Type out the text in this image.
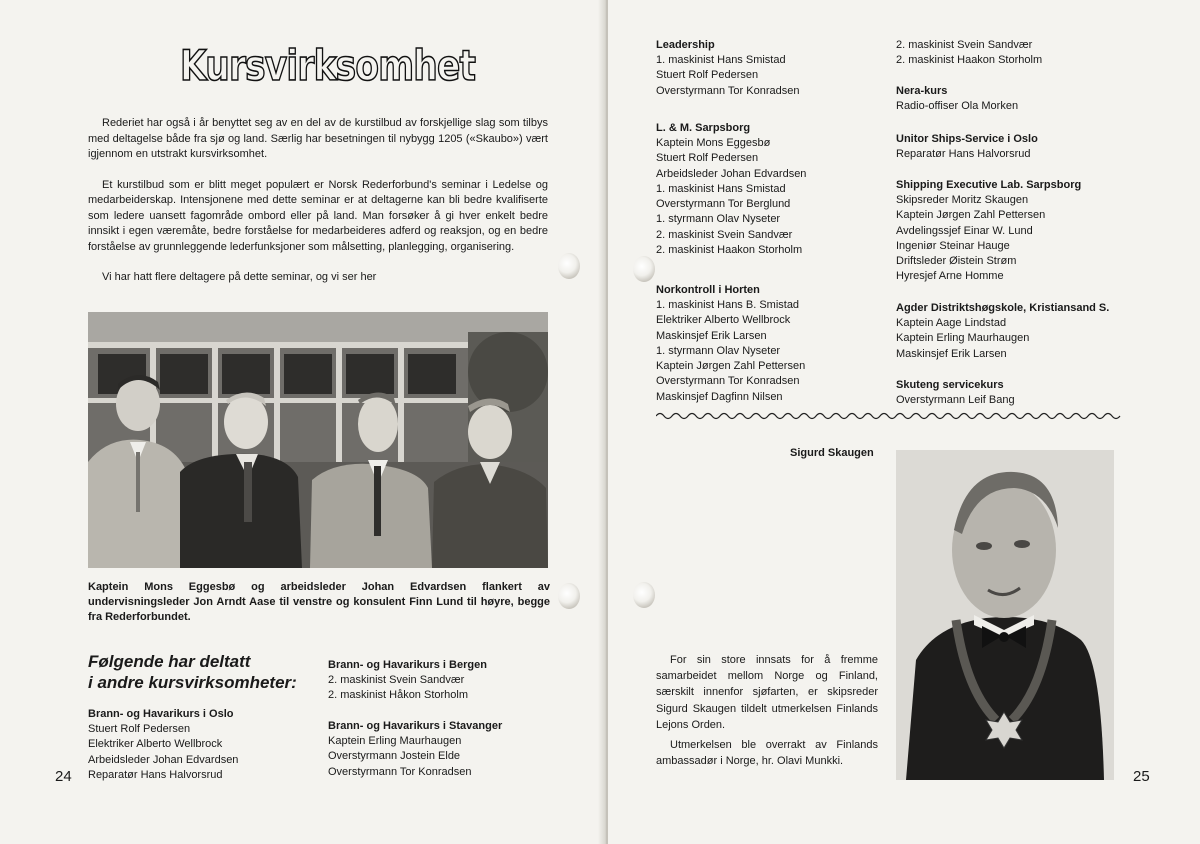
Kursvirksomhet

Rederiet har også i år benyttet seg av en del av de kurstilbud av forskjellige slag som tilbys med deltagelse både fra sjø og land. Særlig har besetningen til nybygg 1205 («Skaubo») vært igjennom en utstrakt kursvirksomhet.

Et kurstilbud som er blitt meget populært er Norsk Rederforbund's seminar i Ledelse og medarbeiderskap. Intensjonene med dette seminar er at deltagerne kan bli bedre kvalifiserte som ledere uansett fagområde ombord eller på land. Man forsøker å gi hver enkelt bedre innsikt i egen væremåte, bedre forståelse for medarbeideres adferd og reaksjon, og en bedre forståelse av grunnleggende lederfunksjoner som målsetting, planlegging, organisering.

Vi har hatt flere deltagere på dette seminar, og vi ser her

Kaptein Mons Eggesbø og arbeidsleder Johan Edvardsen flankert av undervisningsleder Jon Arndt Aase til venstre og konsulent Finn Lund til høyre, begge fra Rederforbundet.
Følgende har deltatt
i andre kursvirksomheter:
Brann- og Havarikurs i Oslo
Stuert Rolf Pedersen
Elektriker Alberto Wellbrock
Arbeidsleder Johan Edvardsen
Reparatør Hans Halvorsrud
Brann- og Havarikurs i Bergen
2. maskinist Svein Sandvær
2. maskinist Håkon Storholm
Brann- og Havarikurs i Stavanger
Kaptein Erling Maurhaugen
Overstyrmann Jostein Elde
Overstyrmann Tor Konradsen
24
Leadership
1. maskinist Hans Smistad
Stuert Rolf Pedersen
Overstyrmann Tor Konradsen
L. & M. Sarpsborg
Kaptein Mons Eggesbø
Stuert Rolf Pedersen
Arbeidsleder Johan Edvardsen
1. maskinist Hans Smistad
Overstyrmann Tor Berglund
1. styrmann Olav Nyseter
2. maskinist Svein Sandvær
2. maskinist Haakon Storholm
Norkontroll i Horten
1. maskinist Hans B. Smistad
Elektriker Alberto Wellbrock
Maskinsjef Erik Larsen
1. styrmann Olav Nyseter
Kaptein Jørgen Zahl Pettersen
Overstyrmann Tor Konradsen
Maskinsjef Dagfinn Nilsen
2. maskinist Svein Sandvær
2. maskinist Haakon Storholm
Nera-kurs
Radio-offiser Ola Morken
Unitor Ships-Service i Oslo
Reparatør Hans Halvorsrud
Shipping Executive Lab. Sarpsborg
Skipsreder Moritz Skaugen
Kaptein Jørgen Zahl Pettersen
Avdelingssjef Einar W. Lund
Ingeniør Steinar Hauge
Driftsleder Øistein Strøm
Hyresjef Arne Homme
Agder Distriktshøgskole, Kristiansand S.
Kaptein Aage Lindstad
Kaptein Erling Maurhaugen
Maskinsjef Erik Larsen
Skuteng servicekurs
Overstyrmann Leif Bang
Sigurd Skaugen

For sin store innsats for å fremme samarbeidet mellom Norge og Finland, særskilt innenfor sjøfarten, er skipsreder Sigurd Skaugen tildelt utmerkelsen Finlands Lejons Orden.

Utmerkelsen ble overrakt av Finlands ambassadør i Norge, hr. Olavi Munkki.

25
